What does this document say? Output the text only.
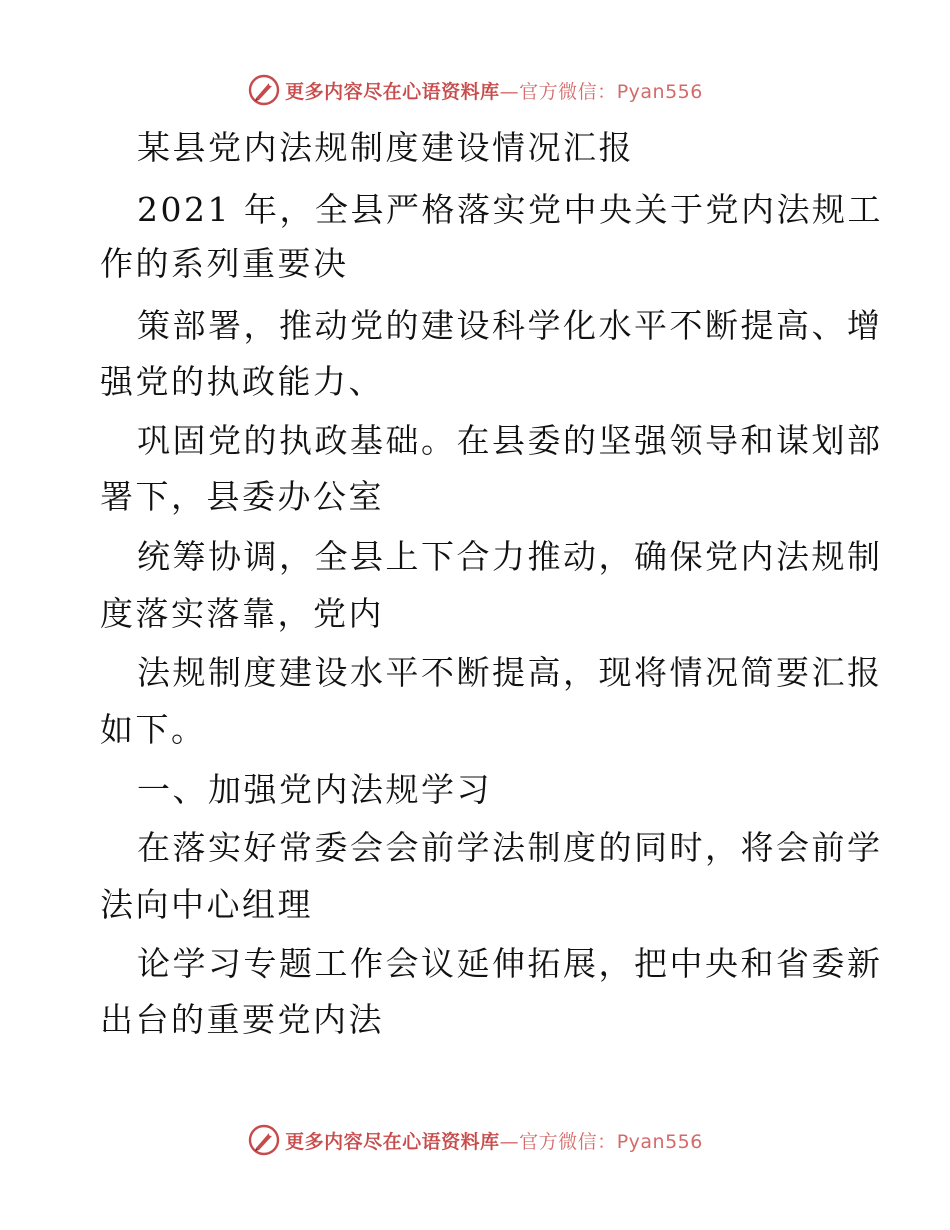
更多内容尽在心语资料库—官方微信：Pyan556
某县党内法规制度建设情况汇报
2021 年，全县严格落实党中央关于党内法规工
作的系列重要决
策部署，推动党的建设科学化水平不断提高、增
强党的执政能力、
巩固党的执政基础。在县委的坚强领导和谋划部
署下，县委办公室
统筹协调，全县上下合力推动，确保党内法规制
度落实落靠，党内
法规制度建设水平不断提高，现将情况简要汇报
如下。
一、加强党内法规学习
在落实好常委会会前学法制度的同时，将会前学
法向中心组理
论学习专题工作会议延伸拓展，把中央和省委新
出台的重要党内法
更多内容尽在心语资料库—官方微信：Pyan556
